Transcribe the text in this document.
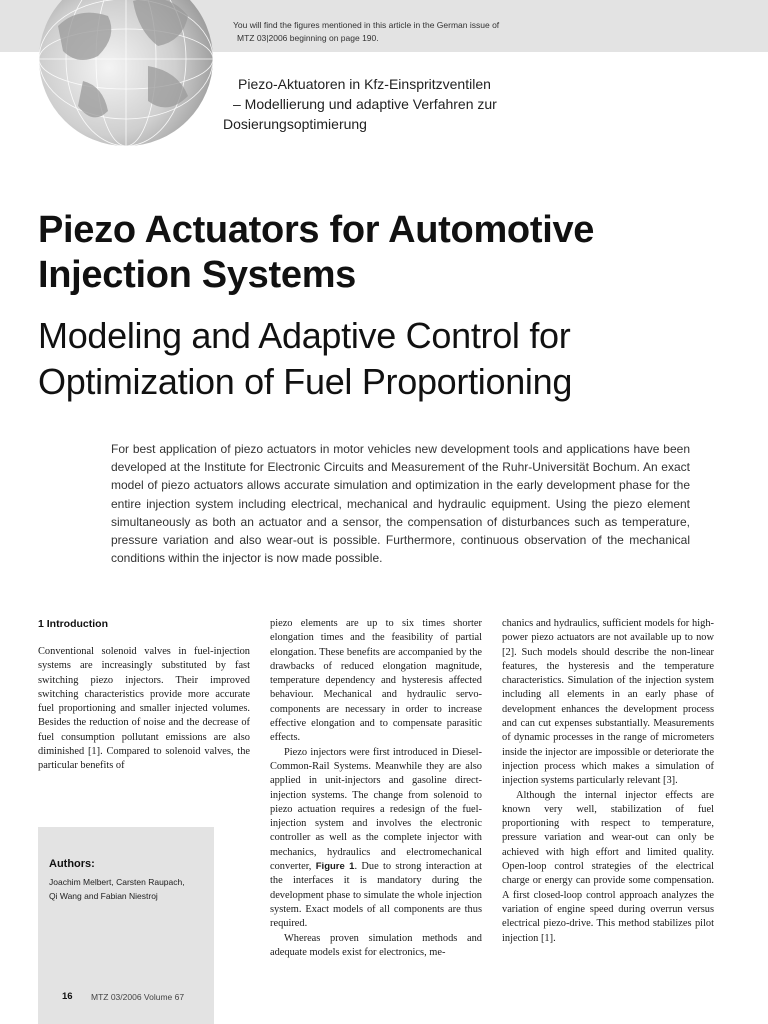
You will find the figures mentioned in this article in the German issue of
MTZ 03|2006 beginning on page 190.
Piezo-Aktuatoren in Kfz-Einspritzventilen
– Modellierung und adaptive Verfahren zur
Dosierungsoptimierung
Piezo Actuators for Automotive
Injection Systems
Modeling and Adaptive Control for
Optimization of Fuel Proportioning
For best application of piezo actuators in motor vehicles new development tools and applications have been developed at the Institute for Electronic Circuits and Measurement of the Ruhr-Universität Bochum. An exact model of piezo actuators allows accurate simulation and optimization in the early development phase for the entire injection system including electrical, mechanical and hydraulic equipment. Using the piezo element simultaneously as both an actuator and a sensor, the compensation of disturbances such as temperature, pressure variation and also wear-out is possible. Furthermore, continuous observation of the mechanical conditions within the injector is now made possible.
1 Introduction

Conventional solenoid valves in fuel-injection systems are increasingly substituted by fast switching piezo injectors. Their improved switching characteristics provide more accurate fuel proportioning and smaller injected volumes. Besides the reduction of noise and the decrease of fuel consumption pollutant emissions are also diminished [1]. Compared to solenoid valves, the particular benefits of

piezo elements are up to six times shorter elongation times and the feasibility of partial elongation. These benefits are accompanied by the drawbacks of reduced elongation magnitude, temperature dependency and hysteresis affected behaviour. Mechanical and hydraulic servo-components are necessary in order to increase effective elongation and to compensate parasitic effects.

Piezo injectors were first introduced in Diesel-Common-Rail Systems. Meanwhile they are also applied in unit-injectors and gasoline direct-injection systems. The change from solenoid to piezo actuation requires a redesign of the fuel-injection system and involves the electronic controller as well as the complete injector with mechanics, hydraulics and electromechanical converter, Figure 1. Due to strong interaction at the interfaces it is mandatory during the development phase to simulate the whole injection system. Exact models of all components are thus required.

Whereas proven simulation methods and adequate models exist for electronics, me-

chanics and hydraulics, sufficient models for high-power piezo actuators are not available up to now [2]. Such models should describe the non-linear features, the hysteresis and the temperature characteristics. Simulation of the injection system including all elements in an early phase of development enhances the development process and can cut expenses substantially. Measurements of dynamic processes in the range of micrometers inside the injector are impossible or deteriorate the injection process which makes a simulation of injection systems particularly relevant [3].

Although the internal injector effects are known very well, stabilization of fuel proportioning with respect to temperature, pressure variation and wear-out can only be achieved with high effort and limited quality. Open-loop control strategies of the electrical charge or energy can provide some compensation. A first closed-loop control approach analyzes the variation of engine speed during overrun versus electrical piezo-drive. This method stabilizes pilot injection [1].

Authors:
Joachim Melbert, Carsten Raupach,
Qi Wang and Fabian Niestroj
16 MTZ 03/2006 Volume 67
